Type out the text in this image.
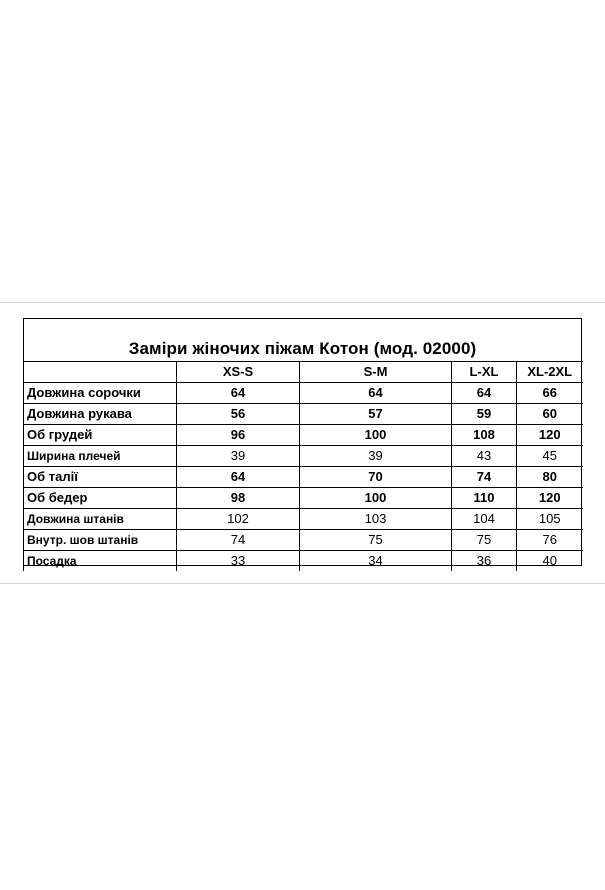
Заміри жіночих піжам Котон (мод. 02000)
	XS-S	S-M	L-XL	XL-2XL
Довжина сорочки	64	64	64	66
Довжина рукава	56	57	59	60
Об грудей	96	100	108	120
Ширина плечей	39	39	43	45
Об талії	64	70	74	80
Об бедер	98	100	110	120
Довжина штанів	102	103	104	105
Внутр. шов штанів	74	75	75	76
Посадка	33	34	36	40
